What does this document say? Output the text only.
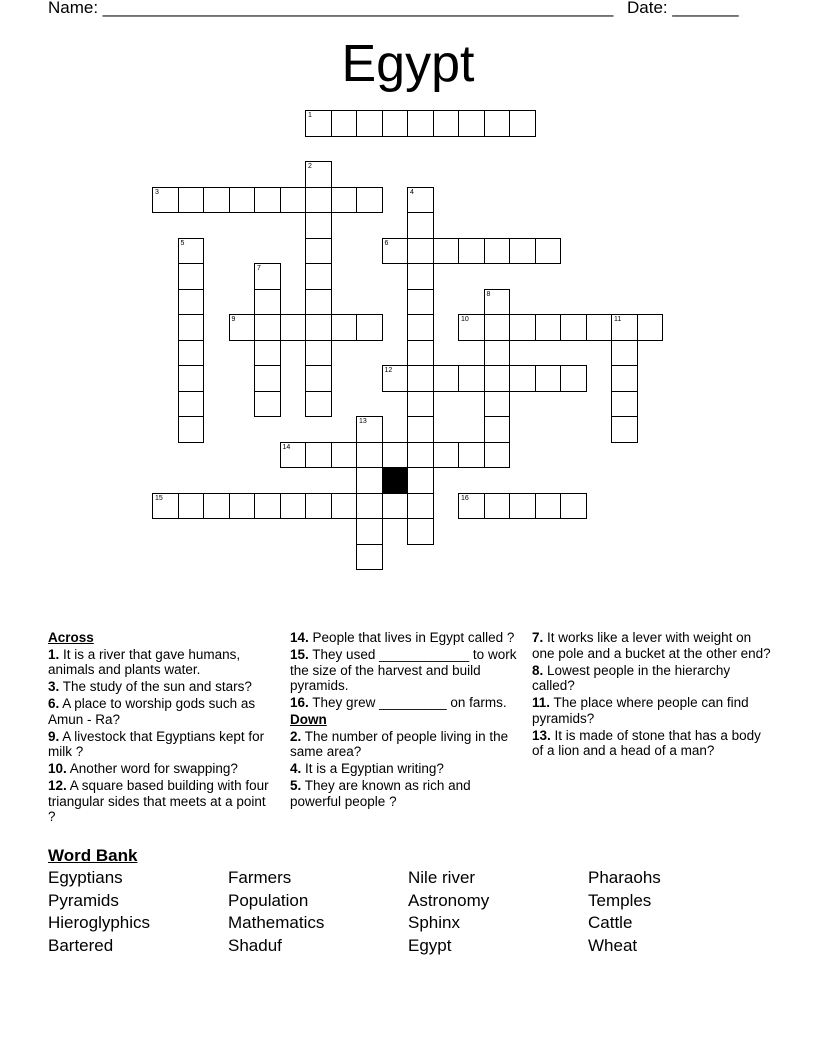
Name: ______________________________________________________ Date: _______
Egypt
1
2
3	4
5	6
7
8
9	10	11
12
13
14
15	16
Across
1. It is a river that gave humans, animals and plants water.
3. The study of the sun and stars?
6. A place to worship gods such as Amun - Ra?
9. A livestock that Egyptians kept for milk ?
10. Another word for swapping?
12. A square based building with four triangular sides that meets at a point ?
14. People that lives in Egypt called ?
15. They used ____________ to work the size of the harvest and build pyramids.
16. They grew _________ on farms.
Down
2. The number of people living in the same area?
4. It is a Egyptian writing?
5. They are known as rich and powerful people ?
7. It works like a lever with weight on one pole and a bucket at the other end?
8. Lowest people in the hierarchy called?
11. The place where people can find pyramids?
13. It is made of stone that has a body of a lion and a head of a man?
Word Bank
Egyptians	Farmers	Nile river	Pharaohs
Pyramids	Population	Astronomy	Temples
Hieroglyphics	Mathematics	Sphinx	Cattle
Bartered	Shaduf	Egypt	Wheat
